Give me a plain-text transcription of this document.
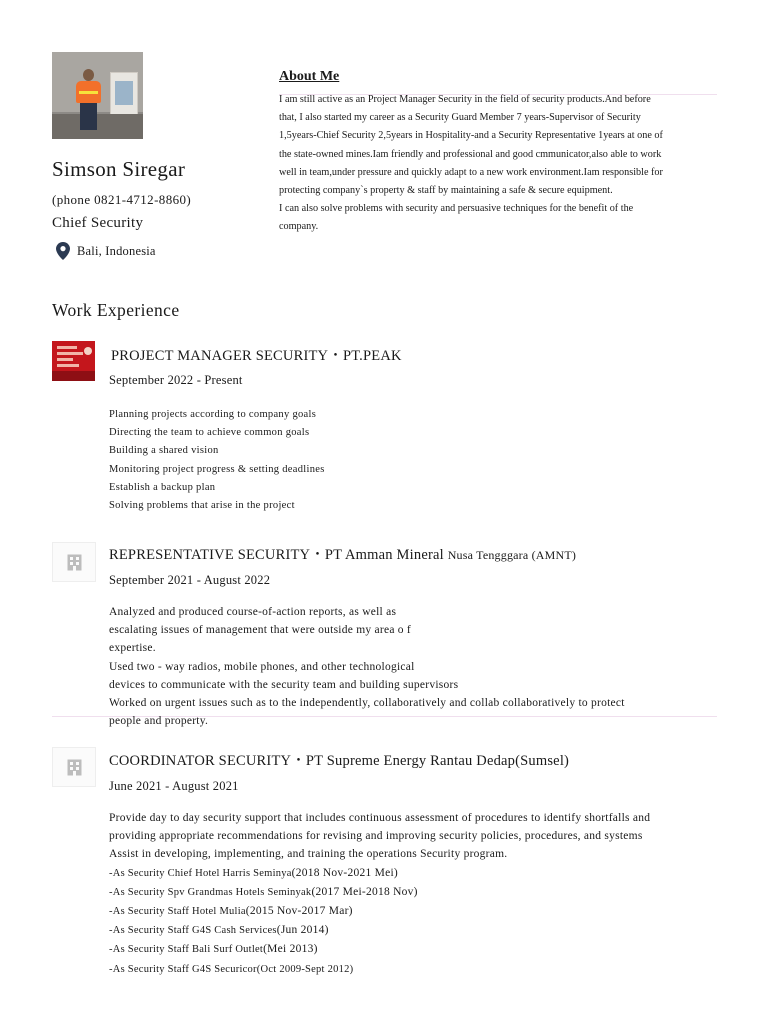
Simson Siregar
(phone 0821-4712-8860)
Chief Security
Bali, Indonesia
About Me

I am still active as an Project Manager Security in the field of security products.And before

that, I also started my career as a Security Guard Member 7 years-Supervisor of Security

1,5years-Chief Security 2,5years in Hospitality-and a Security Representative 1years at one of

the state-owned mines.Iam friendly and professional and good cmmunicator,also able to work

well in team,under pressure and quickly adapt to a new work environment.Iam responsible for

protecting company`s property & staff by maintaining a safe & secure equipment.

I can also solve problems with security and persuasive techniques for the benefit of the

company.

Work Experience
PROJECT MANAGER SECURITY・PT.PEAK
September 2022 - Present
Planning projects according to company goals
Directing the team to achieve common goals
Building a shared vision
Monitoring project progress & setting deadlines
Establish a backup plan
Solving problems that arise in the project
REPRESENTATIVE SECURITY・PT Amman Mineral Nusa Tengggara (AMNT)
September 2021 - August 2022
Analyzed and produced course-of-action reports, as well as
escalating issues of management that were outside my area o f
expertise.
Used two - way radios, mobile phones, and other technological
devices to communicate with the security team and building supervisors
Worked on urgent issues such as to the independently, collaboratively and collab collaboratively to protect
people and property.
COORDINATOR SECURITY・PT Supreme Energy Rantau Dedap(Sumsel)
June 2021 - August 2021
Provide day to day security support that includes continuous assessment of procedures to identify shortfalls and
providing appropriate recommendations for revising and improving security policies, procedures, and systems
Assist in developing, implementing, and training the operations Security program.
-As Security Chief Hotel Harris Seminya(2018 Nov-2021 Mei)
-As Security Spv Grandmas Hotels Seminyak(2017 Mei-2018 Nov)
-As Security Staff Hotel Mulia(2015 Nov-2017 Mar)
-As Security Staff G4S Cash Services(Jun 2014)
-As Security Staff Bali Surf Outlet(Mei 2013)
-As Security Staff G4S Securicor(Oct 2009-Sept 2012)
